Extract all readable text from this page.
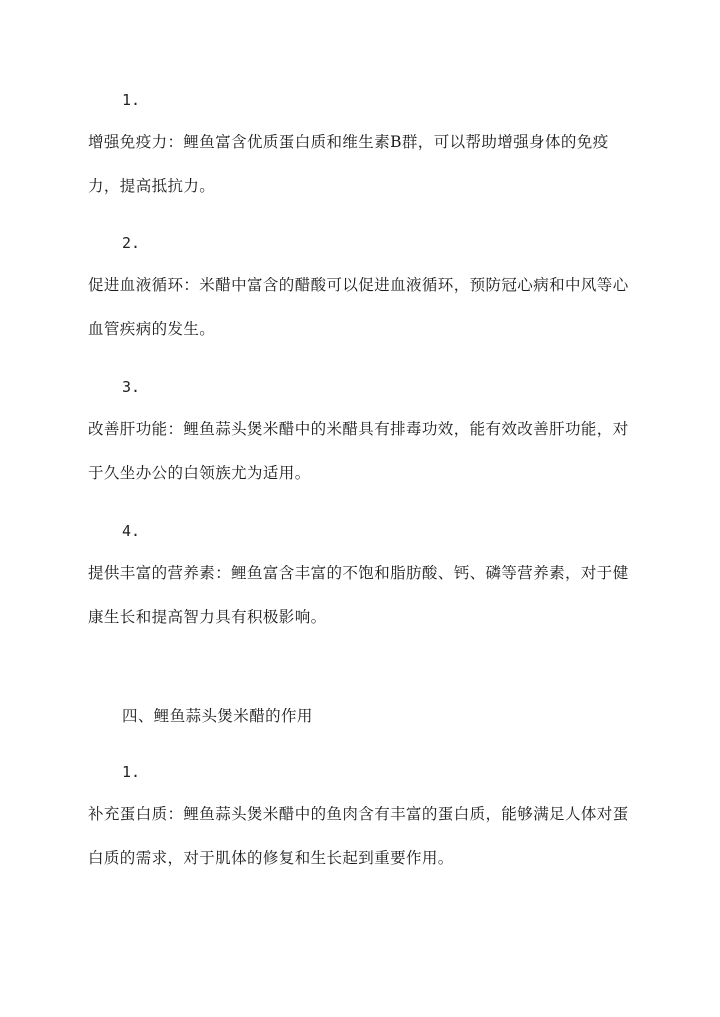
1.

增强免疫力：鲤鱼富含优质蛋白质和维生素B群，可以帮助增强身体的免疫力，提高抵抗力。

2.

促进血液循环：米醋中富含的醋酸可以促进血液循环，预防冠心病和中风等心血管疾病的发生。

3.

改善肝功能：鲤鱼蒜头煲米醋中的米醋具有排毒功效，能有效改善肝功能，对于久坐办公的白领族尤为适用。

4.

提供丰富的营养素：鲤鱼富含丰富的不饱和脂肪酸、钙、磷等营养素，对于健康生长和提高智力具有积极影响。

四、鲤鱼蒜头煲米醋的作用
1.

补充蛋白质：鲤鱼蒜头煲米醋中的鱼肉含有丰富的蛋白质，能够满足人体对蛋白质的需求，对于肌体的修复和生长起到重要作用。
